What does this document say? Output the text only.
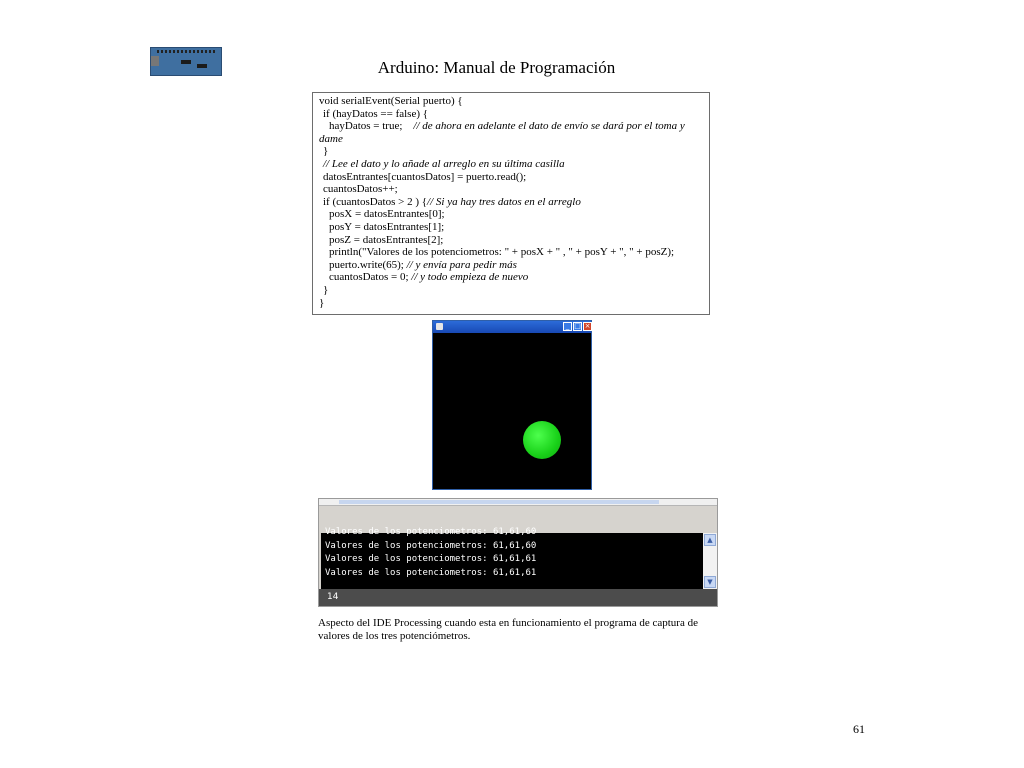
Arduino: Manual de Programación
void serialEvent(Serial puerto) {
if (hayDatos == false) {
hayDatos = true; // de ahora en adelante el dato de envío se dará por el toma y dame
}
// Lee el dato y lo añade al arreglo en su última casilla
datosEntrantes[cuantosDatos] = puerto.read();
cuantosDatos++;
if (cuantosDatos > 2 ) {// Si ya hay tres datos en el arreglo
posX = datosEntrantes[0];
posY = datosEntrantes[1];
posZ = datosEntrantes[2];
println("Valores de los potenciometros: " + posX + " , " + posY + ", " + posZ);
puerto.write(65); // y envía para pedir más
cuantosDatos = 0; // y todo empieza de nuevo
}
}
_ □ ×
Valores de los potenciometros: 61,61,60
Valores de los potenciometros: 61,61,60
Valores de los potenciometros: 61,61,61
Valores de los potenciometros: 61,61,61
▲
▼
14
Aspecto del IDE Processing cuando esta en funcionamiento el programa de captura de valores de los tres potenciómetros.
61
